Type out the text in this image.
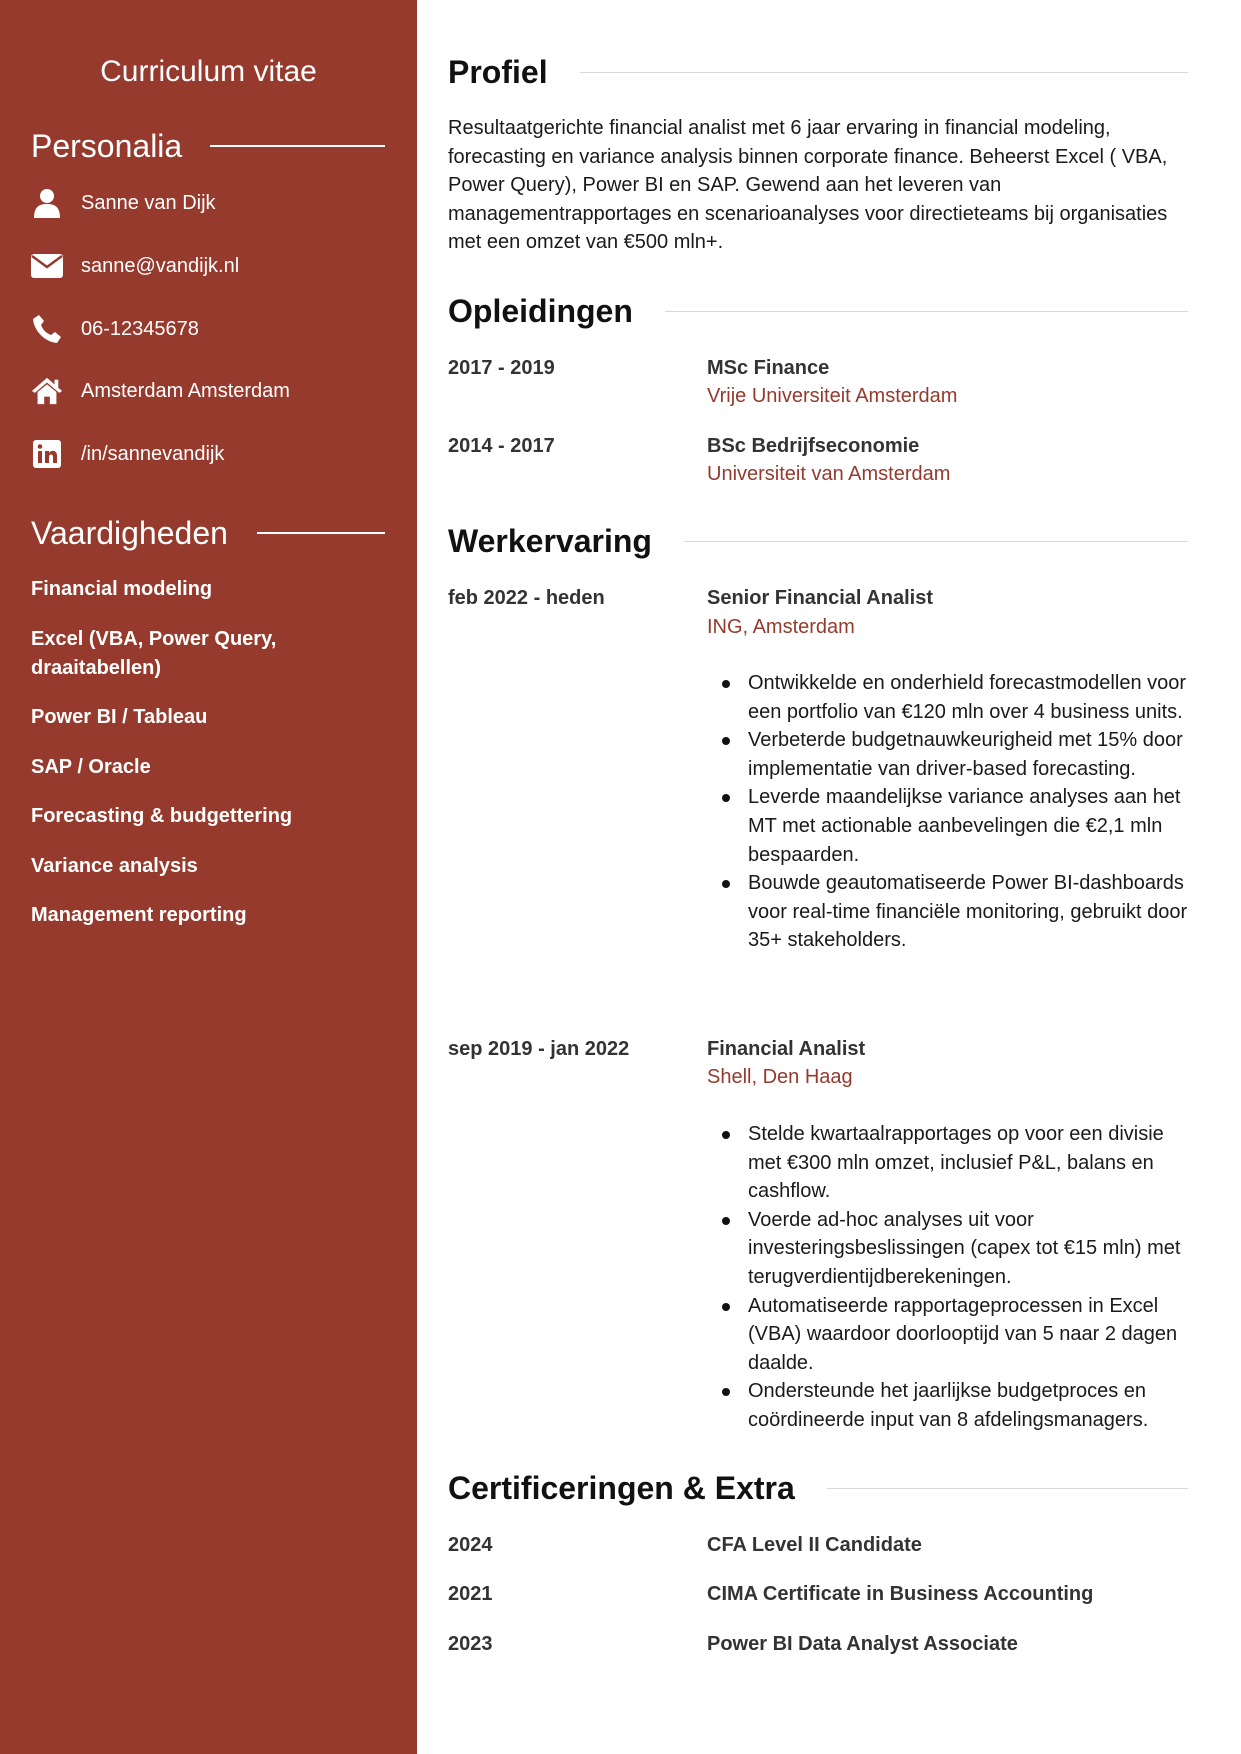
Curriculum vitae
Personalia
Sanne van Dijk
sanne@vandijk.nl
06-12345678
Amsterdam Amsterdam
/in/sannevandijk
Vaardigheden
Financial modeling
Excel (VBA, Power Query, draaitabellen)
Power BI / Tableau
SAP / Oracle
Forecasting & budgettering
Variance analysis
Management reporting
Profiel
Resultaatgerichte financial analist met 6 jaar ervaring in financial modeling, forecasting en variance analysis binnen corporate finance. Beheerst Excel ( VBA, Power Query), Power BI en SAP. Gewend aan het leveren van managementrapportages en scenarioanalyses voor directieteams bij organisaties met een omzet van €500 mln+.
Opleidingen
2017 - 2019	MSc Finance
Vrije Universiteit Amsterdam
2014 - 2017	BSc Bedrijfseconomie
Universiteit van Amsterdam
Werkervaring
feb 2022 - heden	Senior Financial Analist
ING, Amsterdam
Ontwikkelde en onderhield forecastmodellen voor een portfolio van €120 mln over 4 business units.
Verbeterde budgetnauwkeurigheid met 15% door implementatie van driver-based forecasting.
Leverde maandelijkse variance analyses aan het MT met actionable aanbevelingen die €2,1 mln bespaarden.
Bouwde geautomatiseerde Power BI-dashboards voor real-time financiële monitoring, gebruikt door 35+ stakeholders.
sep 2019 - jan 2022	Financial Analist
Shell, Den Haag
Stelde kwartaalrapportages op voor een divisie met €300 mln omzet, inclusief P&L, balans en cashflow.
Voerde ad-hoc analyses uit voor investeringsbeslissingen (capex tot €15 mln) met terugverdientijdberekeningen.
Automatiseerde rapportageprocessen in Excel (VBA) waardoor doorlooptijd van 5 naar 2 dagen daalde.
Ondersteunde het jaarlijkse budgetproces en coördineerde input van 8 afdelingsmanagers.
Certificeringen & Extra
2024	CFA Level II Candidate
2021	CIMA Certificate in Business Accounting
2023	Power BI Data Analyst Associate
